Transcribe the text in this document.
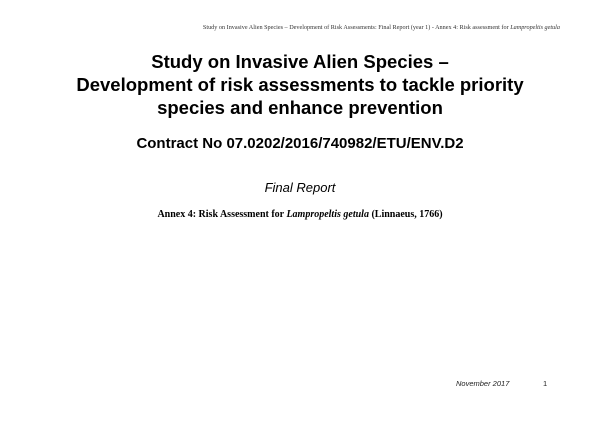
Study on Invasive Alien Species – Development of Risk Assessments: Final Report (year 1) - Annex 4: Risk assessment for Lampropeltis getula
Study on Invasive Alien Species –
Development of risk assessments to tackle priority
species and enhance prevention
Contract No 07.0202/2016/740982/ETU/ENV.D2
Final Report
Annex 4: Risk Assessment for Lampropeltis getula (Linnaeus, 1766)
November 2017	1
